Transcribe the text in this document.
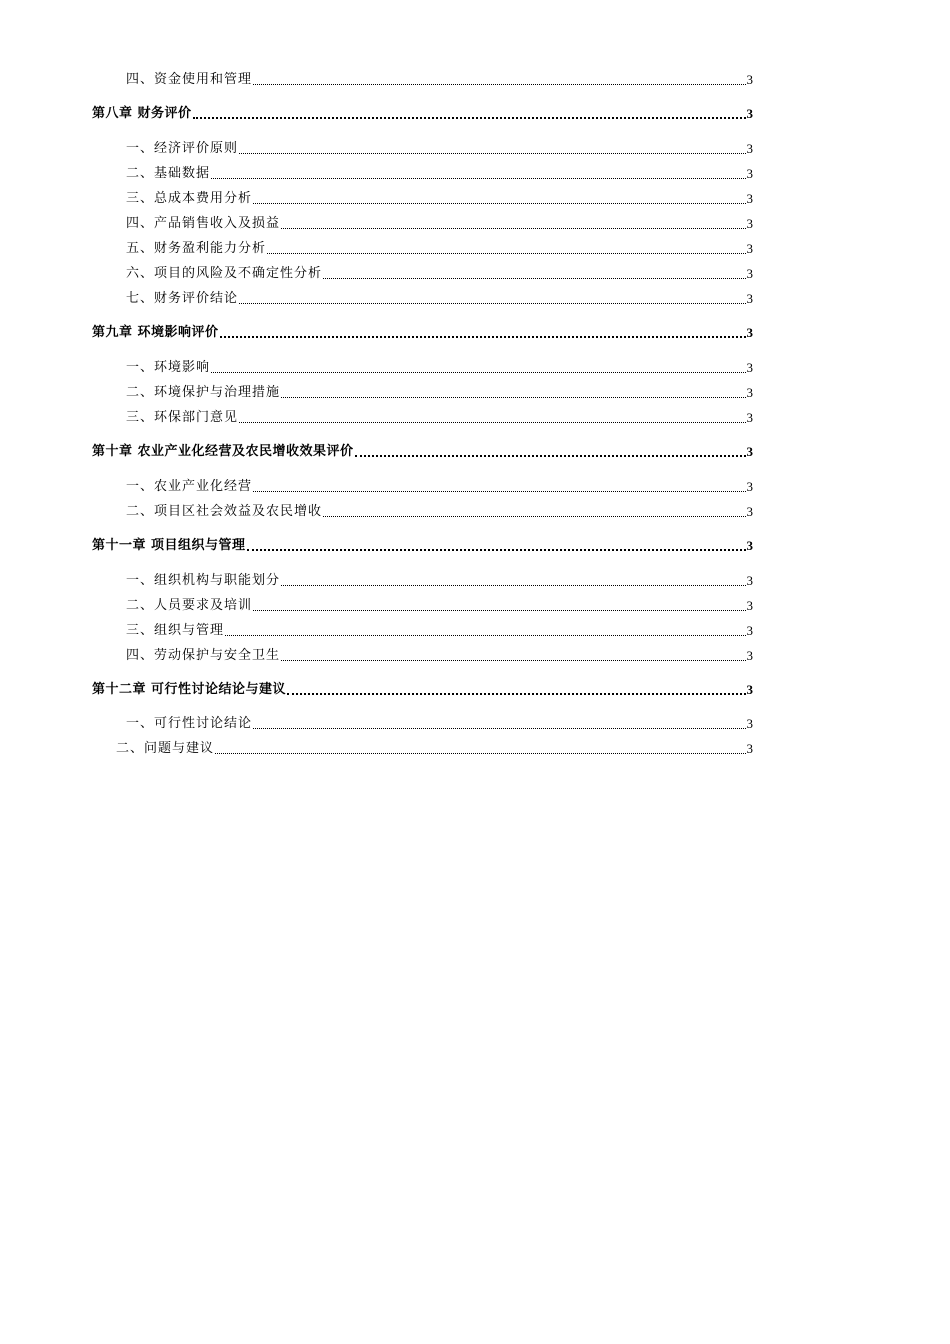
四、资金使用和管理	3
第八章 财务评价	3
一、经济评价原则	3
二、基础数据	3
三、总成本费用分析	3
四、产品销售收入及损益	3
五、财务盈利能力分析	3
六、项目的风险及不确定性分析	3
七、财务评价结论	3
第九章 环境影响评价	3
一、环境影响	3
二、环境保护与治理措施	3
三、环保部门意见	3
第十章 农业产业化经营及农民增收效果评价	3
一、农业产业化经营	3
二、项目区社会效益及农民增收	3
第十一章 项目组织与管理	3
一、组织机构与职能划分	3
二、人员要求及培训	3
三、组织与管理	3
四、劳动保护与安全卫生	3
第十二章 可行性讨论结论与建议	3
一、可行性讨论结论	3
二、问题与建议	3
